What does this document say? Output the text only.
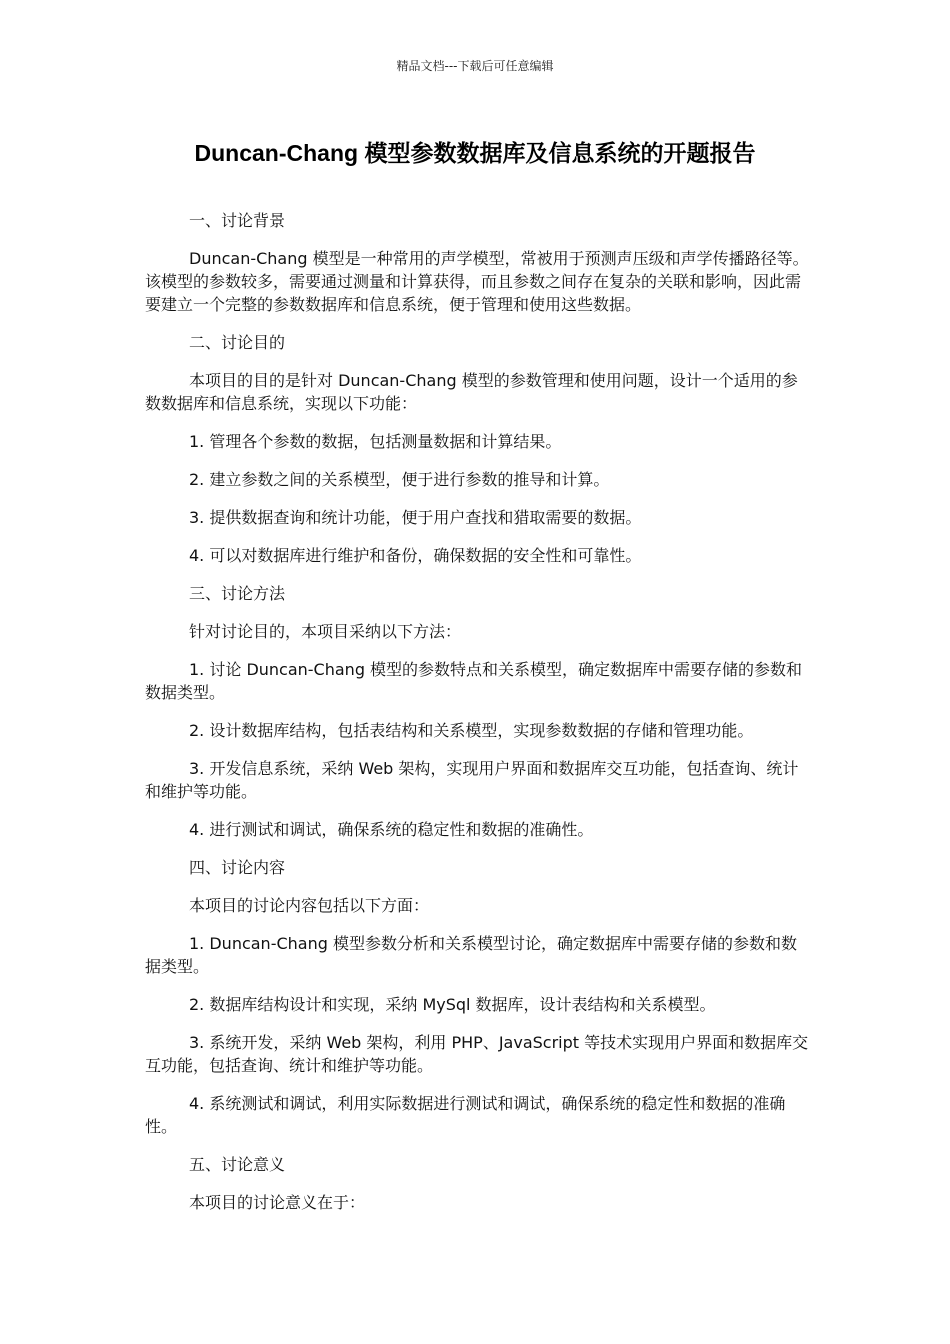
精品文档---下载后可任意编辑
Duncan-Chang 模型参数数据库及信息系统的开题报告

一、讨论背景

Duncan-Chang 模型是一种常用的声学模型，常被用于预测声压级和声学传播路径等。该模型的参数较多，需要通过测量和计算获得，而且参数之间存在复杂的关联和影响，因此需要建立一个完整的参数数据库和信息系统，便于管理和使用这些数据。

二、讨论目的

本项目的目的是针对 Duncan-Chang 模型的参数管理和使用问题，设计一个适用的参数数据库和信息系统，实现以下功能：

1. 管理各个参数的数据，包括测量数据和计算结果。

2. 建立参数之间的关系模型，便于进行参数的推导和计算。

3. 提供数据查询和统计功能，便于用户查找和猎取需要的数据。

4. 可以对数据库进行维护和备份，确保数据的安全性和可靠性。

三、讨论方法

针对讨论目的，本项目采纳以下方法：

1. 讨论 Duncan-Chang 模型的参数特点和关系模型，确定数据库中需要存储的参数和数据类型。

2. 设计数据库结构，包括表结构和关系模型，实现参数数据的存储和管理功能。

3. 开发信息系统，采纳 Web 架构，实现用户界面和数据库交互功能，包括查询、统计和维护等功能。

4. 进行测试和调试，确保系统的稳定性和数据的准确性。

四、讨论内容

本项目的讨论内容包括以下方面：

1. Duncan-Chang 模型参数分析和关系模型讨论，确定数据库中需要存储的参数和数据类型。

2. 数据库结构设计和实现，采纳 MySql 数据库，设计表结构和关系模型。

3. 系统开发，采纳 Web 架构，利用 PHP、JavaScript 等技术实现用户界面和数据库交互功能，包括查询、统计和维护等功能。

4. 系统测试和调试，利用实际数据进行测试和调试，确保系统的稳定性和数据的准确性。

五、讨论意义

本项目的讨论意义在于：
